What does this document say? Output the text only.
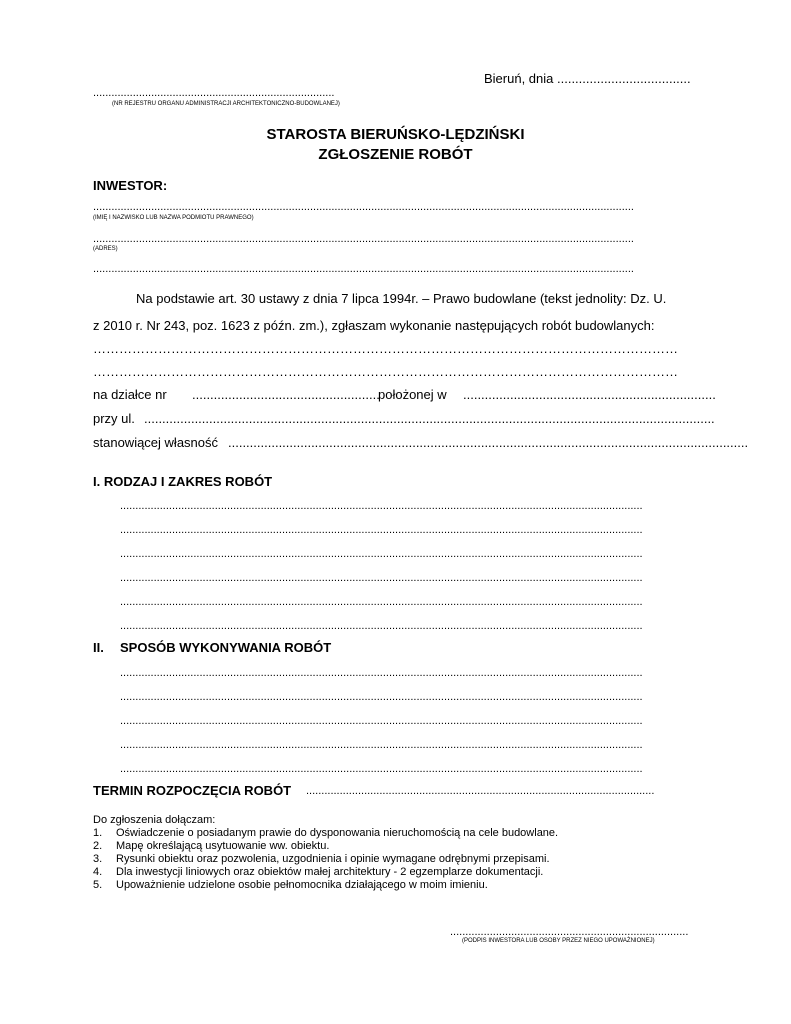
Bieruń, dnia .....................................
...............................................................................
(NR REJESTRU ORGANU ADMINISTRACJI ARCHITEKTONICZNO-BUDOWLANEJ)
STAROSTA BIERUŃSKO-LĘDZIŃSKI
ZGŁOSZENIE ROBÓT
INWESTOR:
.................................................................................................................................................................................
(IMIĘ I NAZWISKO LUB NAZWA PODMIOTU PRAWNEGO)
.................................................................................................................................................................................
(ADRES)
.................................................................................................................................................................................
Na podstawie art. 30 ustawy z dnia 7 lipca 1994r. – Prawo budowlane (tekst jednolity: Dz. U.
z 2010 r. Nr 243, poz. 1623 z późn. zm.), zgłaszam wykonanie następujących robót budowlanych:
………………………………………………………………………………………………………………………
………………………………………………………………………………………………………………………
na działce nr ....................................................
położonej w ......................................................................
przy ul. ..............................................................................................................................................................
stanowiącej własność ................................................................................................................................................
I. RODZAJ I ZAKRES ROBÓT
...........................................................................................................................................................................
...........................................................................................................................................................................
...........................................................................................................................................................................
...........................................................................................................................................................................
...........................................................................................................................................................................
...........................................................................................................................................................................
II. SPOSÓB WYKONYWANIA ROBÓT
...........................................................................................................................................................................
...........................................................................................................................................................................
...........................................................................................................................................................................
...........................................................................................................................................................................
...........................................................................................................................................................................
TERMIN ROZPOCZĘCIA ROBÓT ..................................................................................................................
Do zgłoszenia dołączam:
1. Oświadczenie o posiadanym prawie do dysponowania nieruchomością na cele budowlane.
2. Mapę określającą usytuowanie ww. obiektu.
3. Rysunki obiektu oraz pozwolenia, uzgodnienia i opinie wymagane odrębnymi przepisami.
4. Dla inwestycji liniowych oraz obiektów małej architektury - 2 egzemplarze dokumentacji.
5. Upoważnienie udzielone osobie pełnomocnika działającego w moim imieniu.
..............................................................................
(PODPIS INWESTORA LUB OSOBY PRZEZ NIEGO UPOWAŻNIONEJ)
